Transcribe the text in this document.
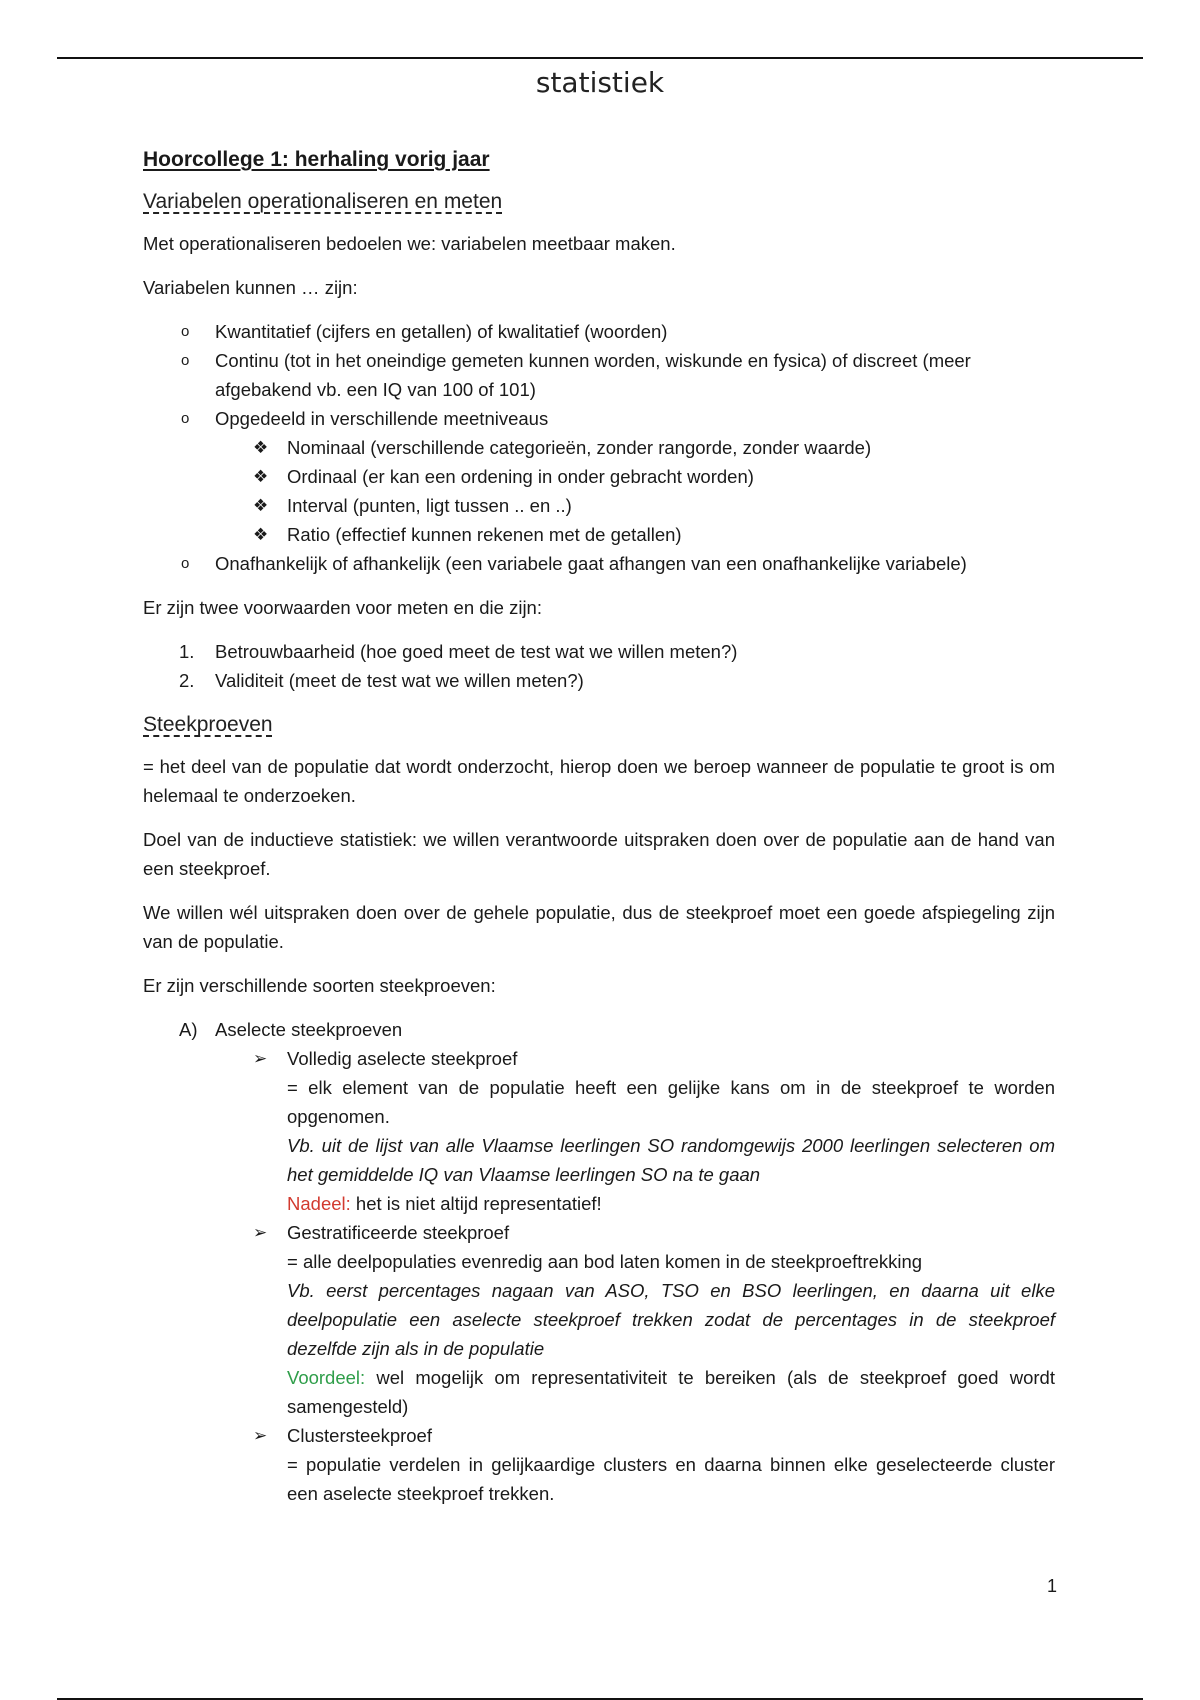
statistiek
Hoorcollege 1: herhaling vorig jaar
Variabelen operationaliseren en meten

Met operationaliseren bedoelen we: variabelen meetbaar maken.

Variabelen kunnen … zijn:

o Kwantitatief (cijfers en getallen) of kwalitatief (woorden)
o Continu (tot in het oneindige gemeten kunnen worden, wiskunde en fysica) of discreet (meer afgebakend vb. een IQ van 100 of 101)
o Opgedeeld in verschillende meetniveaus
❖ Nominaal (verschillende categorieën, zonder rangorde, zonder waarde)
❖ Ordinaal (er kan een ordening in onder gebracht worden)
❖ Interval (punten, ligt tussen .. en ..)
❖ Ratio (effectief kunnen rekenen met de getallen)
o Onafhankelijk of afhankelijk (een variabele gaat afhangen van een onafhankelijke variabele)

Er zijn twee voorwaarden voor meten en die zijn:

1. Betrouwbaarheid (hoe goed meet de test wat we willen meten?)
2. Validiteit (meet de test wat we willen meten?)
Steekproeven

= het deel van de populatie dat wordt onderzocht, hierop doen we beroep wanneer de populatie te groot is om helemaal te onderzoeken.

Doel van de inductieve statistiek: we willen verantwoorde uitspraken doen over de populatie aan de hand van een steekproef.

We willen wél uitspraken doen over de gehele populatie, dus de steekproef moet een goede afspiegeling zijn van de populatie.

Er zijn verschillende soorten steekproeven:

A) Aselecte steekproeven
➢ Volledig aselecte steekproef
= elk element van de populatie heeft een gelijke kans om in de steekproef te worden opgenomen.
Vb. uit de lijst van alle Vlaamse leerlingen SO randomgewijs 2000 leerlingen selecteren om het gemiddelde IQ van Vlaamse leerlingen SO na te gaan
Nadeel: het is niet altijd representatief!
➢ Gestratificeerde steekproef
= alle deelpopulaties evenredig aan bod laten komen in de steekproeftrekking
Vb. eerst percentages nagaan van ASO, TSO en BSO leerlingen, en daarna uit elke deelpopulatie een aselecte steekproef trekken zodat de percentages in de steekproef dezelfde zijn als in de populatie
Voordeel: wel mogelijk om representativiteit te bereiken (als de steekproef goed wordt samengesteld)
➢ Clustersteekproef
= populatie verdelen in gelijkaardige clusters en daarna binnen elke geselecteerde cluster een aselecte steekproef trekken.
1
